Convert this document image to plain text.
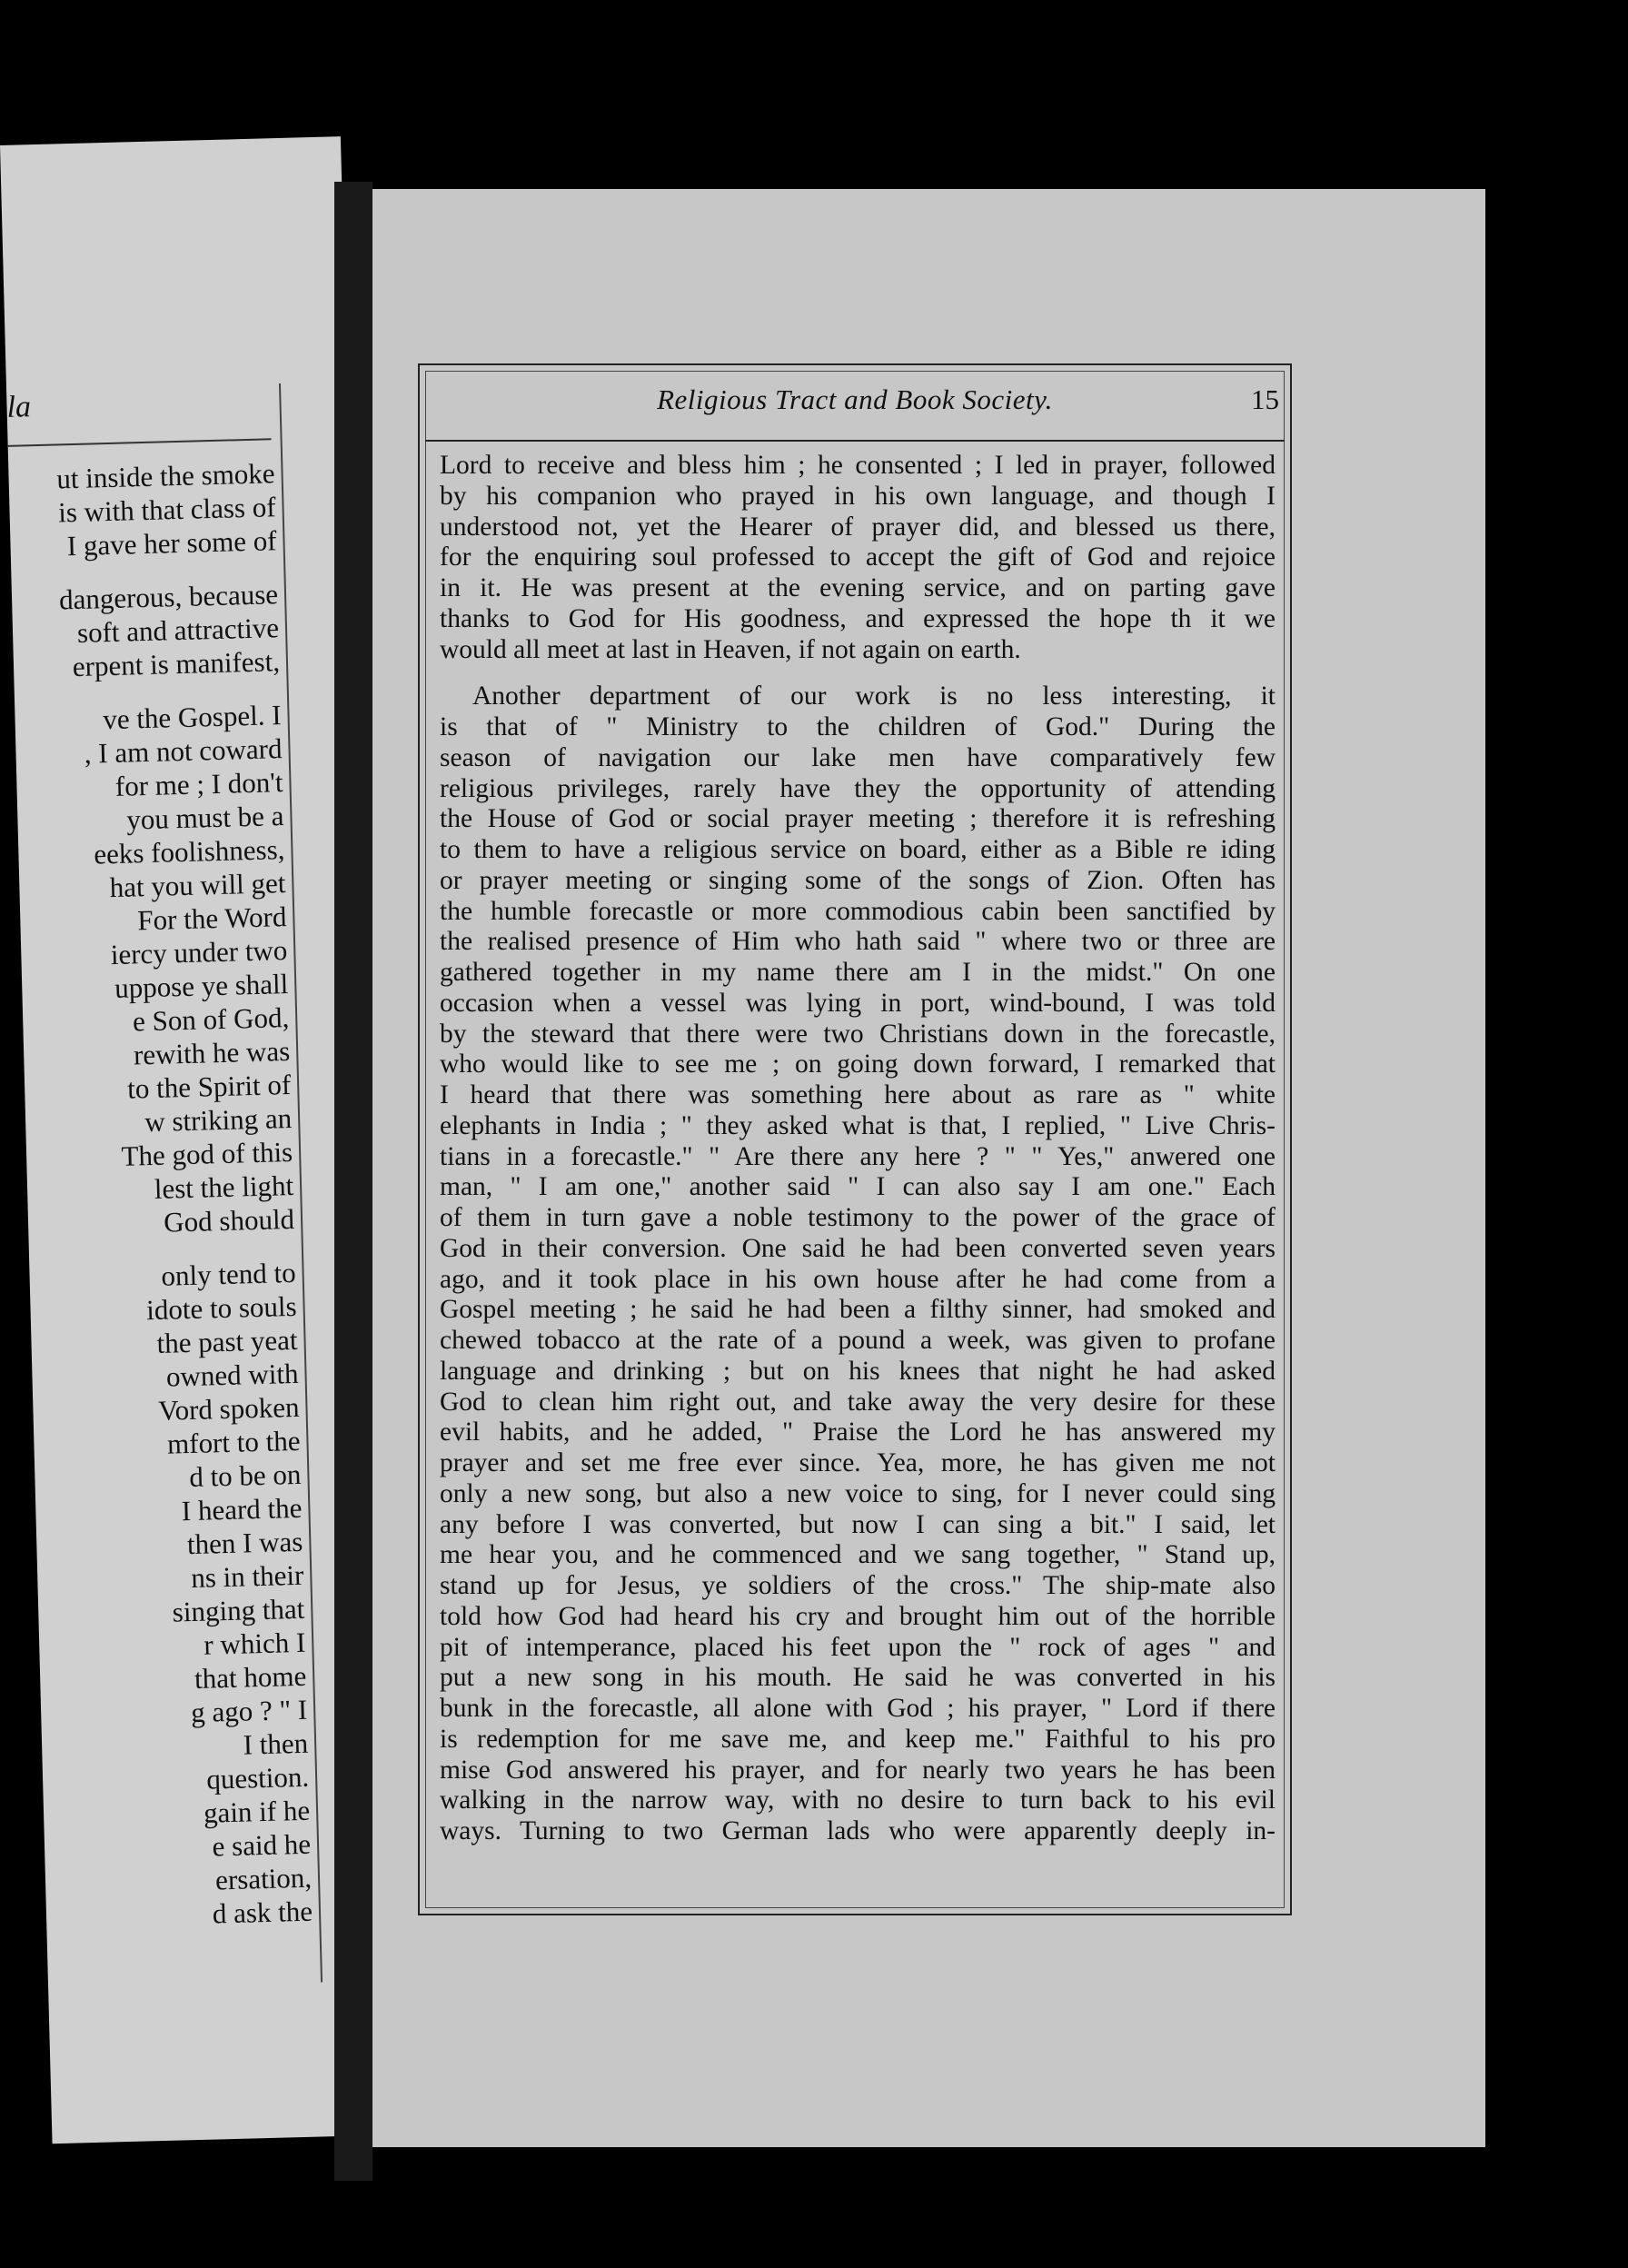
la
ut inside the smoke
is with that class of
I gave her some of
dangerous, because
soft and attractive
erpent is manifest,
ve the Gospel. I
, I am not coward
for me ; I don't
you must be a
eeks foolishness,
hat you will get
For the Word
iercy under two
uppose ye shall
e Son of God,
rewith he was
to the Spirit of
w striking an
The god of this
lest the light
God should
only tend to
idote to souls
the past yeat
owned with
Vord spoken
mfort to the
d to be on
I heard the
then I was
ns in their
singing that
r which I
that home
g ago ? " I
I then
question.
gain if he
e said he
ersation,
d ask the
Religious Tract and Book Society.	15
Lord to receive and bless him ; he consented ; I led in prayer, followed
by his companion who prayed in his own language, and though I
understood not, yet the Hearer of prayer did, and blessed us there,
for the enquiring soul professed to accept the gift of God and rejoice
in it. He was present at the evening service, and on parting gave
thanks to God for His goodness, and expressed the hope th it we
would all meet at last in Heaven, if not again on earth.
Another department of our work is no less interesting, it
is that of " Ministry to the children of God." During the
season of navigation our lake men have comparatively few
religious privileges, rarely have they the opportunity of attending
the House of God or social prayer meeting ; therefore it is refreshing
to them to have a religious service on board, either as a Bible re iding
or prayer meeting or singing some of the songs of Zion. Often has
the humble forecastle or more commodious cabin been sanctified by
the realised presence of Him who hath said " where two or three are
gathered together in my name there am I in the midst." On one
occasion when a vessel was lying in port, wind-bound, I was told
by the steward that there were two Christians down in the forecastle,
who would like to see me ; on going down forward, I remarked that
I heard that there was something here about as rare as " white
elephants in India ; " they asked what is that, I replied, " Live Chris-
tians in a forecastle." " Are there any here ? " " Yes," anwered one
man, " I am one," another said " I can also say I am one." Each
of them in turn gave a noble testimony to the power of the grace of
God in their conversion. One said he had been converted seven years
ago, and it took place in his own house after he had come from a
Gospel meeting ; he said he had been a filthy sinner, had smoked and
chewed tobacco at the rate of a pound a week, was given to profane
language and drinking ; but on his knees that night he had asked
God to clean him right out, and take away the very desire for these
evil habits, and he added, " Praise the Lord he has answered my
prayer and set me free ever since. Yea, more, he has given me not
only a new song, but also a new voice to sing, for I never could sing
any before I was converted, but now I can sing a bit." I said, let
me hear you, and he commenced and we sang together, " Stand up,
stand up for Jesus, ye soldiers of the cross." The ship-mate also
told how God had heard his cry and brought him out of the horrible
pit of intemperance, placed his feet upon the " rock of ages " and
put a new song in his mouth. He said he was converted in his
bunk in the forecastle, all alone with God ; his prayer, " Lord if there
is redemption for me save me, and keep me." Faithful to his pro
mise God answered his prayer, and for nearly two years he has been
walking in the narrow way, with no desire to turn back to his evil
ways. Turning to two German lads who were apparently deeply in-
